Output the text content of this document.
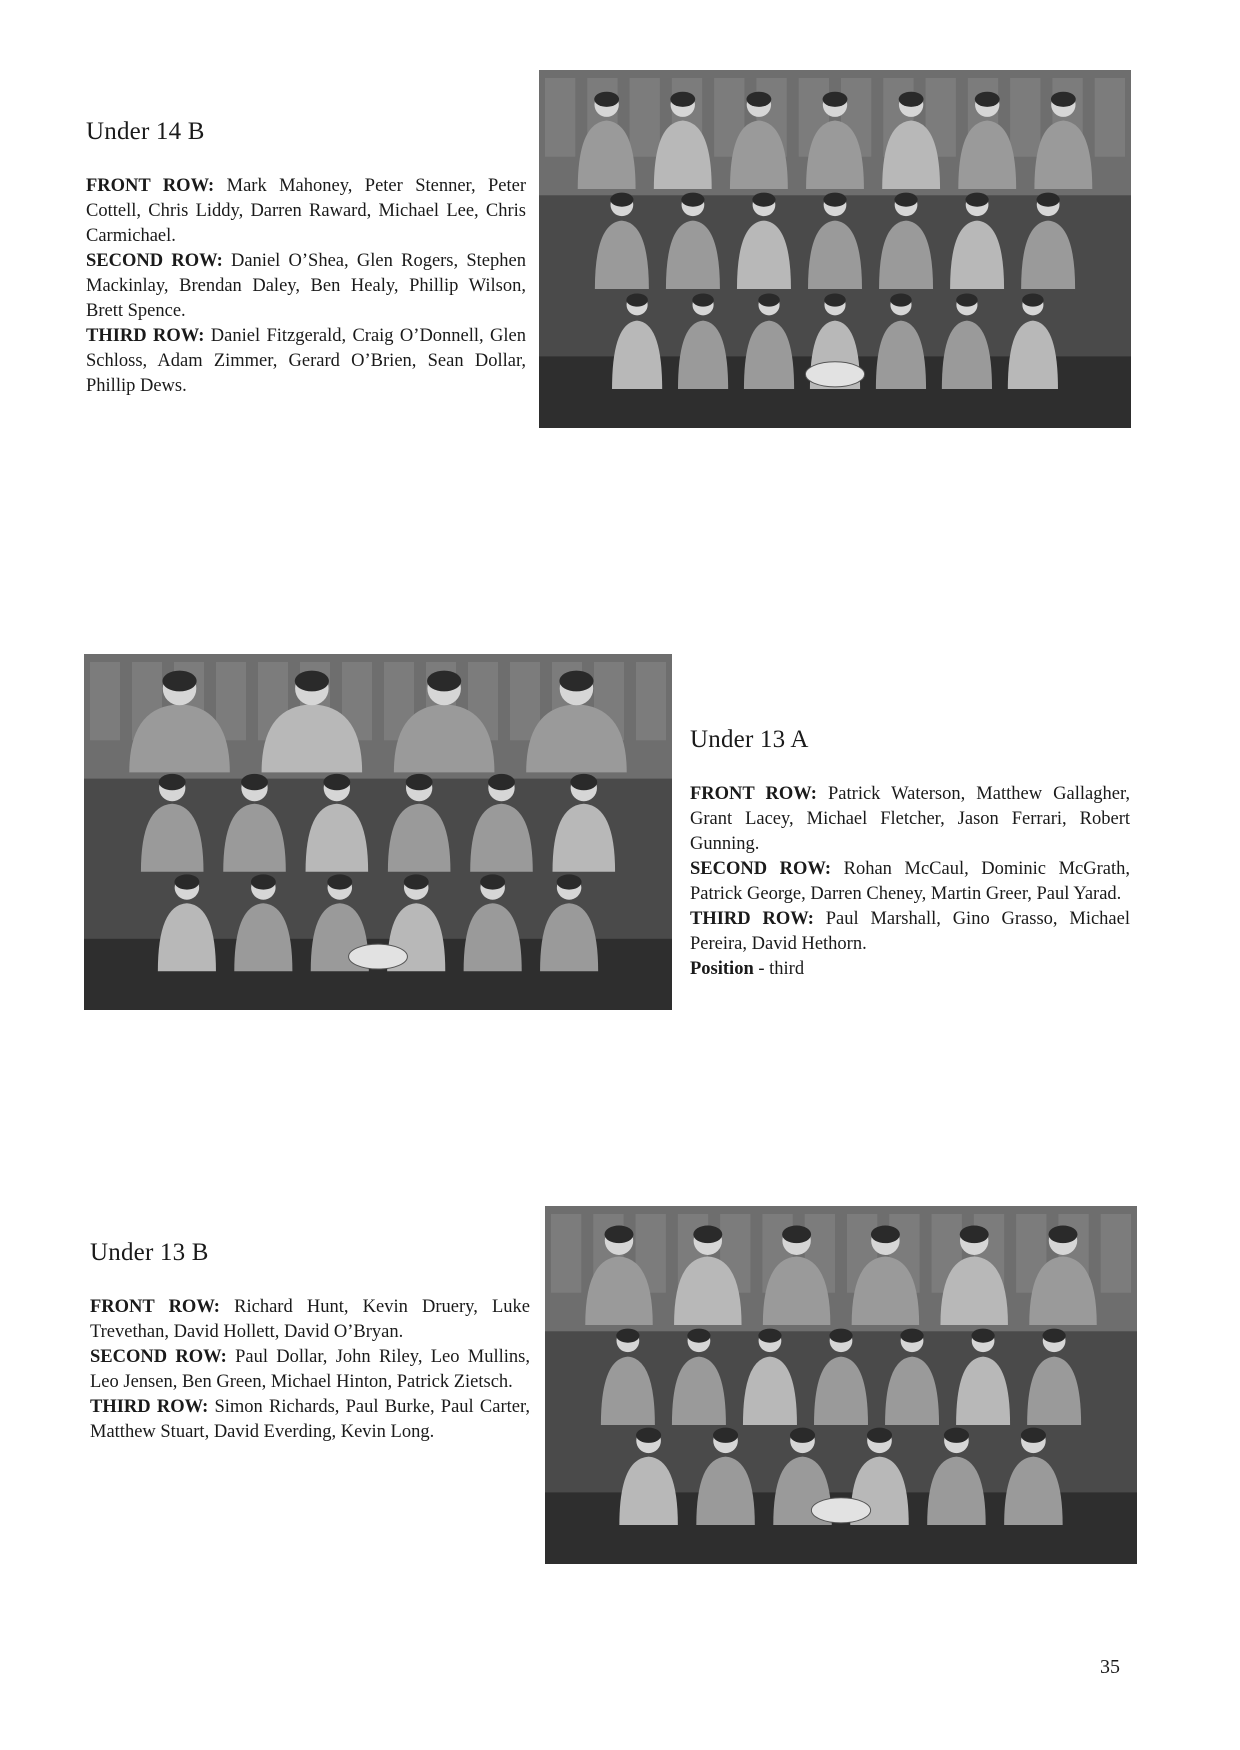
Under 14 B

FRONT ROW: Mark Mahoney, Peter Stenner, Peter Cottell, Chris Liddy, Darren Raward, Michael Lee, Chris Carmichael.
SECOND ROW: Daniel O’Shea, Glen Rogers, Stephen Mackinlay, Brendan Daley, Ben Healy, Phillip Wilson, Brett Spence.
THIRD ROW: Daniel Fitzgerald, Craig O’Donnell, Glen Schloss, Adam Zimmer, Gerard O’Brien, Sean Dollar, Phillip Dews.

Under 13 A

FRONT ROW: Patrick Waterson, Matthew Gallagher, Grant Lacey, Michael Fletcher, Jason Ferrari, Robert Gunning.
SECOND ROW: Rohan McCaul, Dominic McGrath, Patrick George, Darren Cheney, Martin Greer, Paul Yarad.
THIRD ROW: Paul Marshall, Gino Grasso, Michael Pereira, David Hethorn.
Position - third

Under 13 B

FRONT ROW: Richard Hunt, Kevin Druery, Luke Trevethan, David Hollett, David O’Bryan.
SECOND ROW: Paul Dollar, John Riley, Leo Mullins, Leo Jensen, Ben Green, Michael Hinton, Patrick Zietsch.
THIRD ROW: Simon Richards, Paul Burke, Paul Carter, Matthew Stuart, David Everding, Kevin Long.

35
